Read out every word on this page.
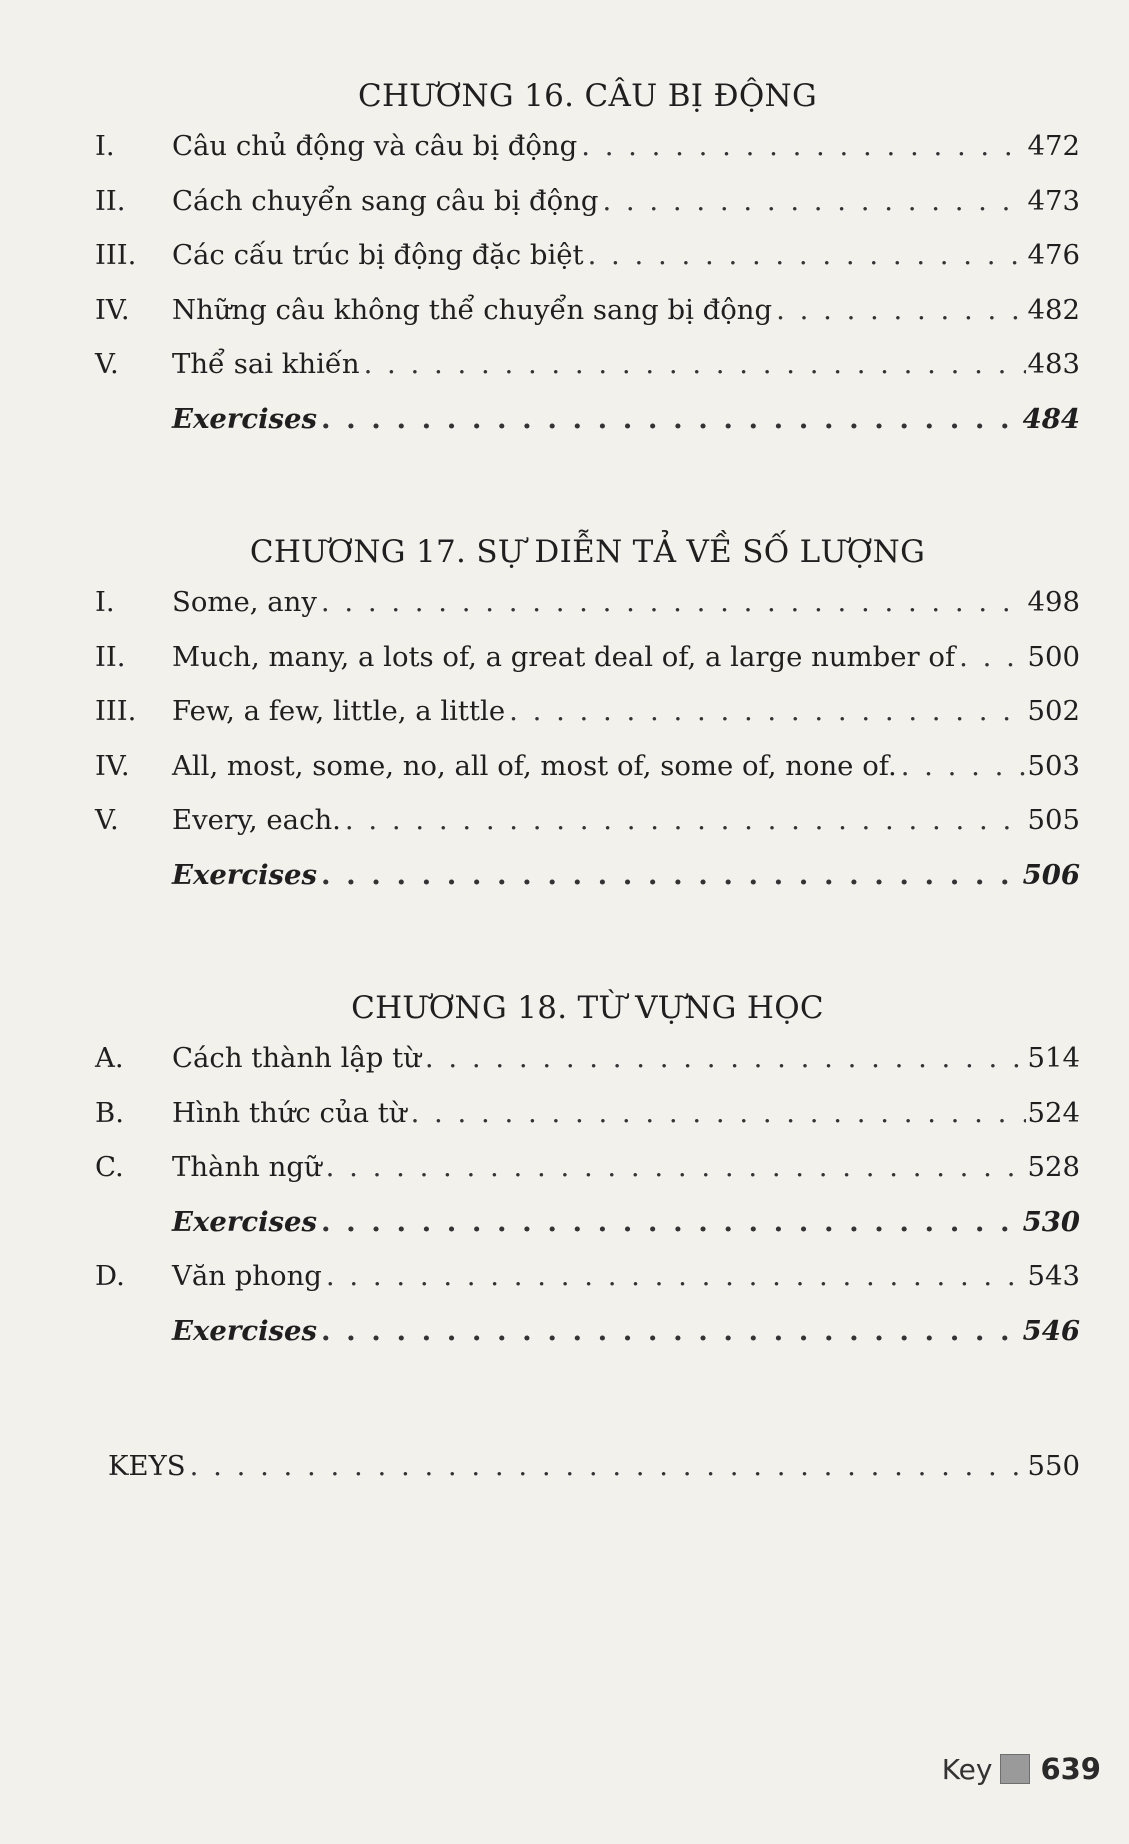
CHƯƠNG 16. CÂU BỊ ĐỘNG
I.	Câu chủ động và câu bị động . . .	472
II.	Cách chuyển sang câu bị động . . .	473
III.	Các cấu trúc bị động đặc biệt . . .	476
IV.	Những câu không thể chuyển sang bị động . . .	482
V.	Thể sai khiến . . .	483
Exercises . . .	484
CHƯƠNG 17. SỰ DIỄN TẢ VỀ SỐ LƯỢNG
I.	Some, any . . .	498
II.	Much, many, a lots of, a great deal of, a large number of . . .	500
III.	Few, a few, little, a little . . .	502
IV.	All, most, some, no, all of, most of, some of, none of. . . .	503
V.	Every, each. . . .	505
Exercises . . .	506
CHƯƠNG 18. TỪ VỰNG HỌC
A.	Cách thành lập từ . . .	514
B.	Hình thức của từ . . .	524
C.	Thành ngữ . . .	528
Exercises . . .	530
D.	Văn phong . . .	543
Exercises . . .	546
KEYS . . .	550
Key 639
